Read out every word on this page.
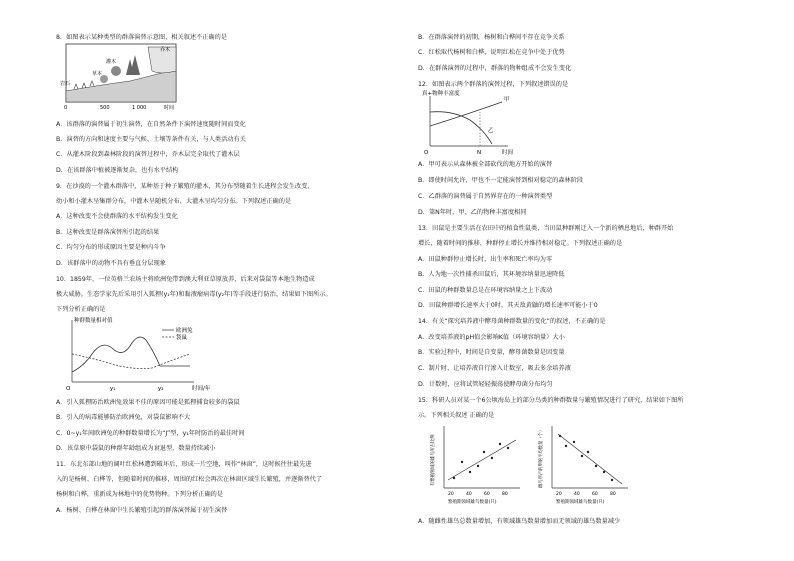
8．如图表示某种类型的群落演替示意图，相关叙述不正确的是
乔木
灌木
草本
岩石
0	500	1 000	时间
A．该群落的演替属于初生演替，在自然条件下演替速度随时间而变化
B．演替的方向和速度主要与气候、土壤等条件有关，与人类活动有关
C．从灌木阶段到森林阶段的演替过程中，乔木层完全取代了灌木层
D．在该群落中植被逐渐复杂，也有水平结构
9．在沙漠的一个灌木群落中，某种基于种子繁殖的灌木，其分布型随着生长进程会发生改变，
幼小和小灌木呈集群分布，中灌木呈随机分布，大灌木呈均匀分布。下列叙述正确的是
A．这种改变不会使群落的水平结构发生变化
B．这种改变是群落演替所引起的结果
C．均匀分布的形成原因主要是种内斗争
D．该群落中的动物不具有垂直分层现象
10．1859年，一位英格兰农场主将欧洲兔带到澳大利亚草原放养，后来对袋鼠等本地生物造成
极大威胁。生态学家先后采用引入狐狸(y₁年)和黏液瘤病毒(y₂年)等手段进行防治，结果如下图所示。
下列分析正确的是
种群数量相对值
欧洲兔
袋鼠
O	y₁	y₂	时间/年
A．引入狐狸防治欧洲兔效果不佳的原因可能是狐狸捕食较多的袋鼠
B．引入的病毒能够防治欧洲兔，对袋鼠影响不大
C．0~y₁年间欧洲兔的种群数量增长为“J”型，y₁年时防治的最佳时间
D．该草原中袋鼠的种群年龄组成为衰退型，数量持续减小
11．东北东部山地的阔叶红松林遭到破坏后，形成一片空地，叫作“林窗”，这时候往往最先进
入的是杨树、白桦等，但随着时间的推移，周围的红松会再次在林窗区域生长繁殖，并逐渐替代了
杨树和白桦，重新成为林地中的优势物种。下列分析正确的是
A．杨树、白桦在林窗中生长繁殖引起的群落演替属于初生演替
B．在群落演替的初期，杨树和白桦间不存在竞争关系
C．红松取代杨树和白桦，说明红松在竞争中处于优势
D．在群落演替的过程中，群落的物种组成不会发生变化
12．如图表示两个群落的演替过程，下列叙述错误的是
真+物种丰富度
甲
乙
O	N	时间
A．甲可表示从森林被全部砍伐的地方开始的演替
B．即使时间允许，甲也不一定能演替到相对稳定的森林阶段
C．乙群落的演替属于自然界存在的一种演替类型
D．第N年时，甲、乙的物种丰富度相同
13．田鼠是主要生活在农田中的植食性鼠类，当田鼠种群刚迁入一个新的栖息地后，种群开始
增长，随着时间的推移，种群停止增长并维持相对稳定。下列叙述正确的是
A．田鼠种群停止增长时，出生率和死亡率均为零
B．人为地一次性捕杀田鼠后，其环境容纳量迅速降低
C．田鼠的种群数量总是在环境容纳量之上下波动
D．田鼠种群增长速率大于0时，其天敌黄鼬的增长速率可能小于0
14．有关“探究培养液中酵母菌种群数量的变化”的叙述，不正确的是
A．改变培养液的pH值会影响K值（环境容纳量）大小
B．实验过程中，时间是自变量，酵母菌数量是因变量
C．制片时，让培养液自行渗入计数室，吸去多余培养液
D．计数时，应将试管轻轻振荡使酵母菌分布均匀
15．科研人员对某一个6公顷海岛上的部分鸟类的种群数量与繁殖情况进行了研究，结果如下图所
示。下列相关叙述 正确的是
有繁殖领域的雄鸟所占比例
20	40	60	80
繁殖期领域雄鸟数量(只)
雌鸟所产的卵的平均数量（个）
20	40	60	80
繁殖期领域雄鸟数量(只)
A．随雌性雄鸟总数量增加，有领域雄鸟数量增加而无领域的雄鸟数量减少
